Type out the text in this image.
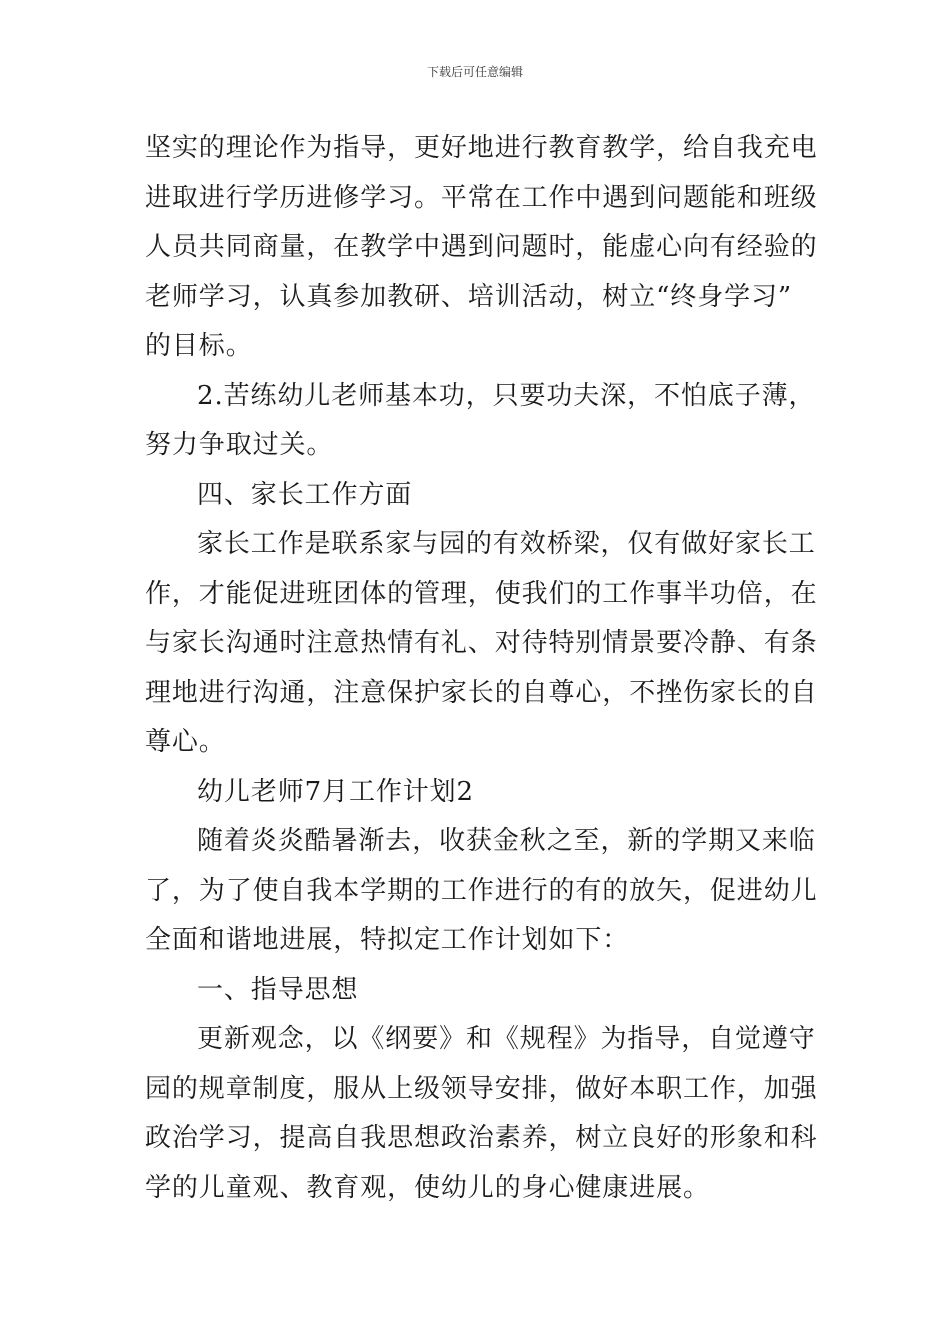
下载后可任意编辑
坚实的理论作为指导，更好地进行教育教学，给自我充电
进取进行学历进修学习。平常在工作中遇到问题能和班级
人员共同商量，在教学中遇到问题时，能虚心向有经验的
老师学习，认真参加教研、培训活动，树立“终身学习”
的目标。
2.苦练幼儿老师基本功，只要功夫深，不怕底子薄，
努力争取过关。
四、家长工作方面
家长工作是联系家与园的有效桥梁，仅有做好家长工
作，才能促进班团体的管理，使我们的工作事半功倍，在
与家长沟通时注意热情有礼、对待特别情景要冷静、有条
理地进行沟通，注意保护家长的自尊心，不挫伤家长的自
尊心。
幼儿老师7月工作计划2
随着炎炎酷暑渐去，收获金秋之至，新的学期又来临
了，为了使自我本学期的工作进行的有的放矢，促进幼儿
全面和谐地进展，特拟定工作计划如下：
一、指导思想
更新观念，以《纲要》和《规程》为指导，自觉遵守
园的规章制度，服从上级领导安排，做好本职工作，加强
政治学习，提高自我思想政治素养，树立良好的形象和科
学的儿童观、教育观，使幼儿的身心健康进展。
